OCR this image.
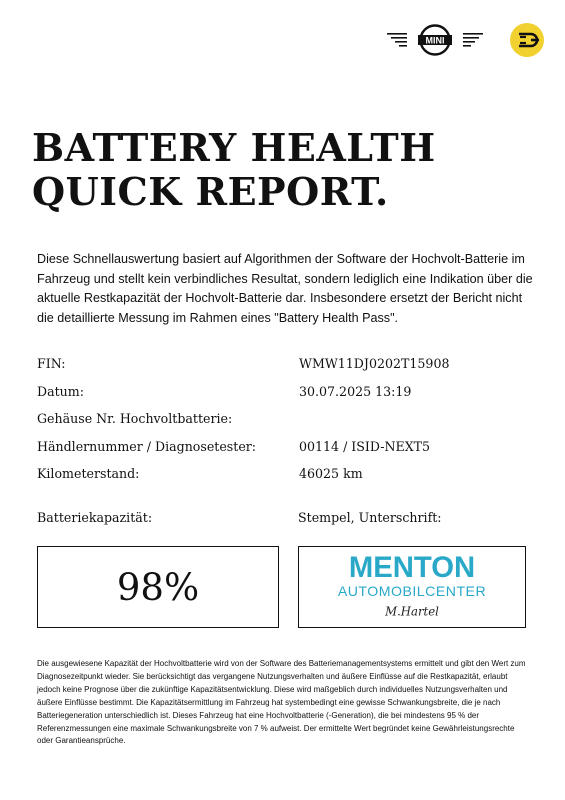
MINI
BATTERY HEALTH
QUICK REPORT.

Diese Schnellauswertung basiert auf Algorithmen der Software der Hochvolt-Batterie im Fahrzeug und stellt kein verbindliches Resultat, sondern lediglich eine Indikation über die aktuelle Restkapazität der Hochvolt-Batterie dar. Insbesondere ersetzt der Bericht nicht die detaillierte Messung im Rahmen eines "Battery Health Pass".

FIN:	WMW11DJ0202T15908
Datum:	30.07.2025 13:19
Gehäuse Nr. Hochvoltbatterie:
Händlernummer / Diagnosetester:	00114 / ISID-NEXT5
Kilometerstand:	46025 km
Batteriekapazität:	Stempel, Unterschrift:
98%	MENTON
AUTOMOBILCENTER
M.Hartel

Die ausgewiesene Kapazität der Hochvoltbatterie wird von der Software des Batteriemanagementsystems ermittelt und gibt den Wert zum Diagnosezeitpunkt wieder. Sie berücksichtigt das vergangene Nutzungsverhalten und äußere Einflüsse auf die Restkapazität, erlaubt jedoch keine Prognose über die zukünftige Kapazitätsentwicklung. Diese wird maßgeblich durch individuelles Nutzungsverhalten und äußere Einflüsse bestimmt. Die Kapazitätsermittlung im Fahrzeug hat systembedingt eine gewisse Schwankungsbreite, die je nach Batteriegeneration unterschiedlich ist. Dieses Fahrzeug hat eine Hochvoltbatterie (-Generation), die bei mindestens 95 % der Referenzmessungen eine maximale Schwankungsbreite von 7 % aufweist. Der ermittelte Wert begründet keine Gewährleistungsrechte oder Garantieansprüche.
